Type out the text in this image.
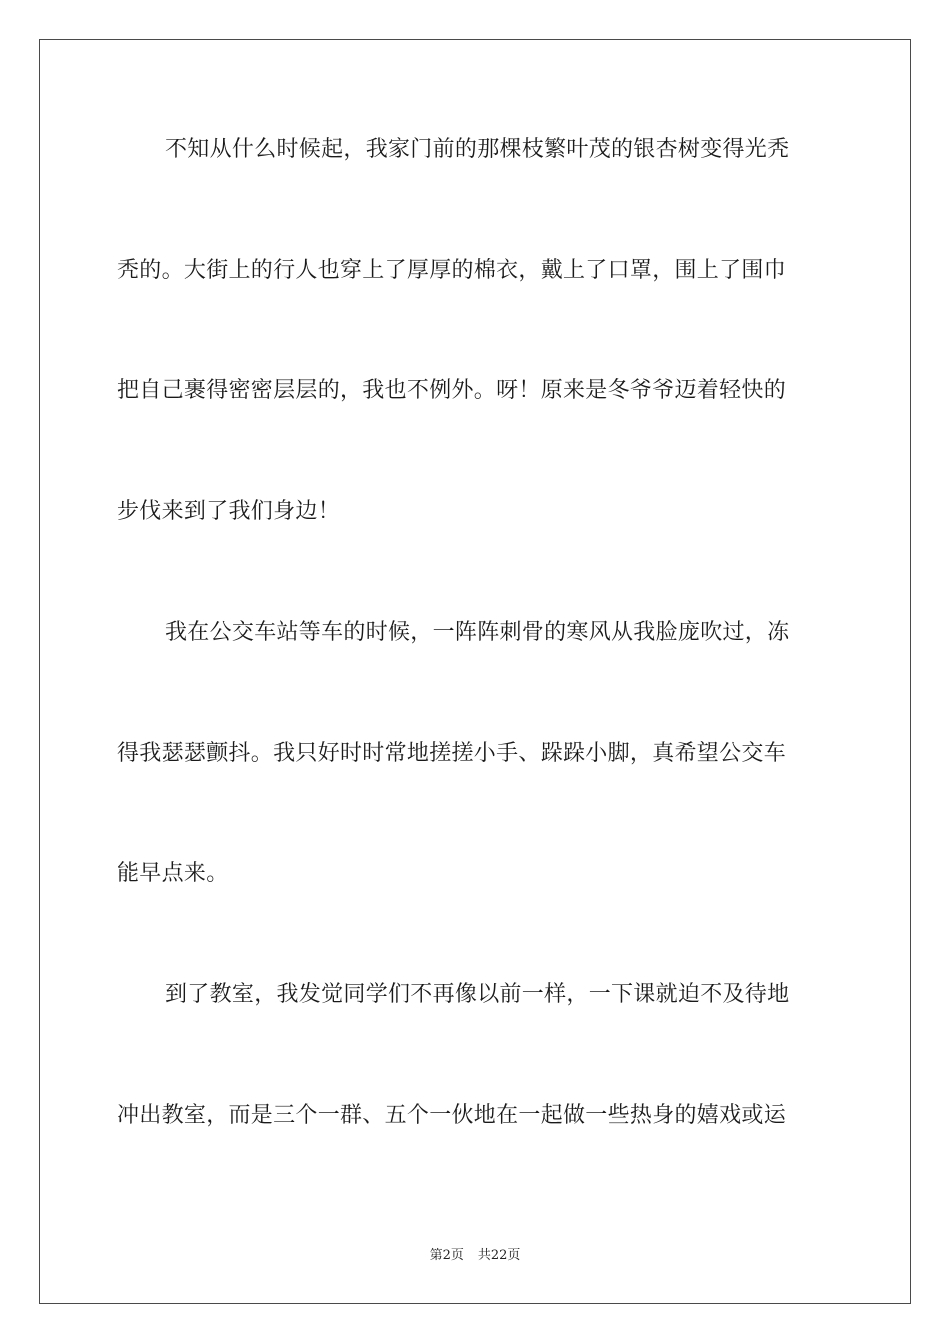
不知从什么时候起，我家门前的那棵枝繁叶茂的银杏树变得光秃
秃的。大街上的行人也穿上了厚厚的棉衣，戴上了口罩，围上了围巾
把自己裹得密密层层的，我也不例外。呀！原来是冬爷爷迈着轻快的
步伐来到了我们身边！
我在公交车站等车的时候，一阵阵刺骨的寒风从我脸庞吹过，冻
得我瑟瑟颤抖。我只好时时常地搓搓小手、跺跺小脚，真希望公交车
能早点来。
到了教室，我发觉同学们不再像以前一样，一下课就迫不及待地
冲出教室，而是三个一群、五个一伙地在一起做一些热身的嬉戏或运
第2页 共22页
